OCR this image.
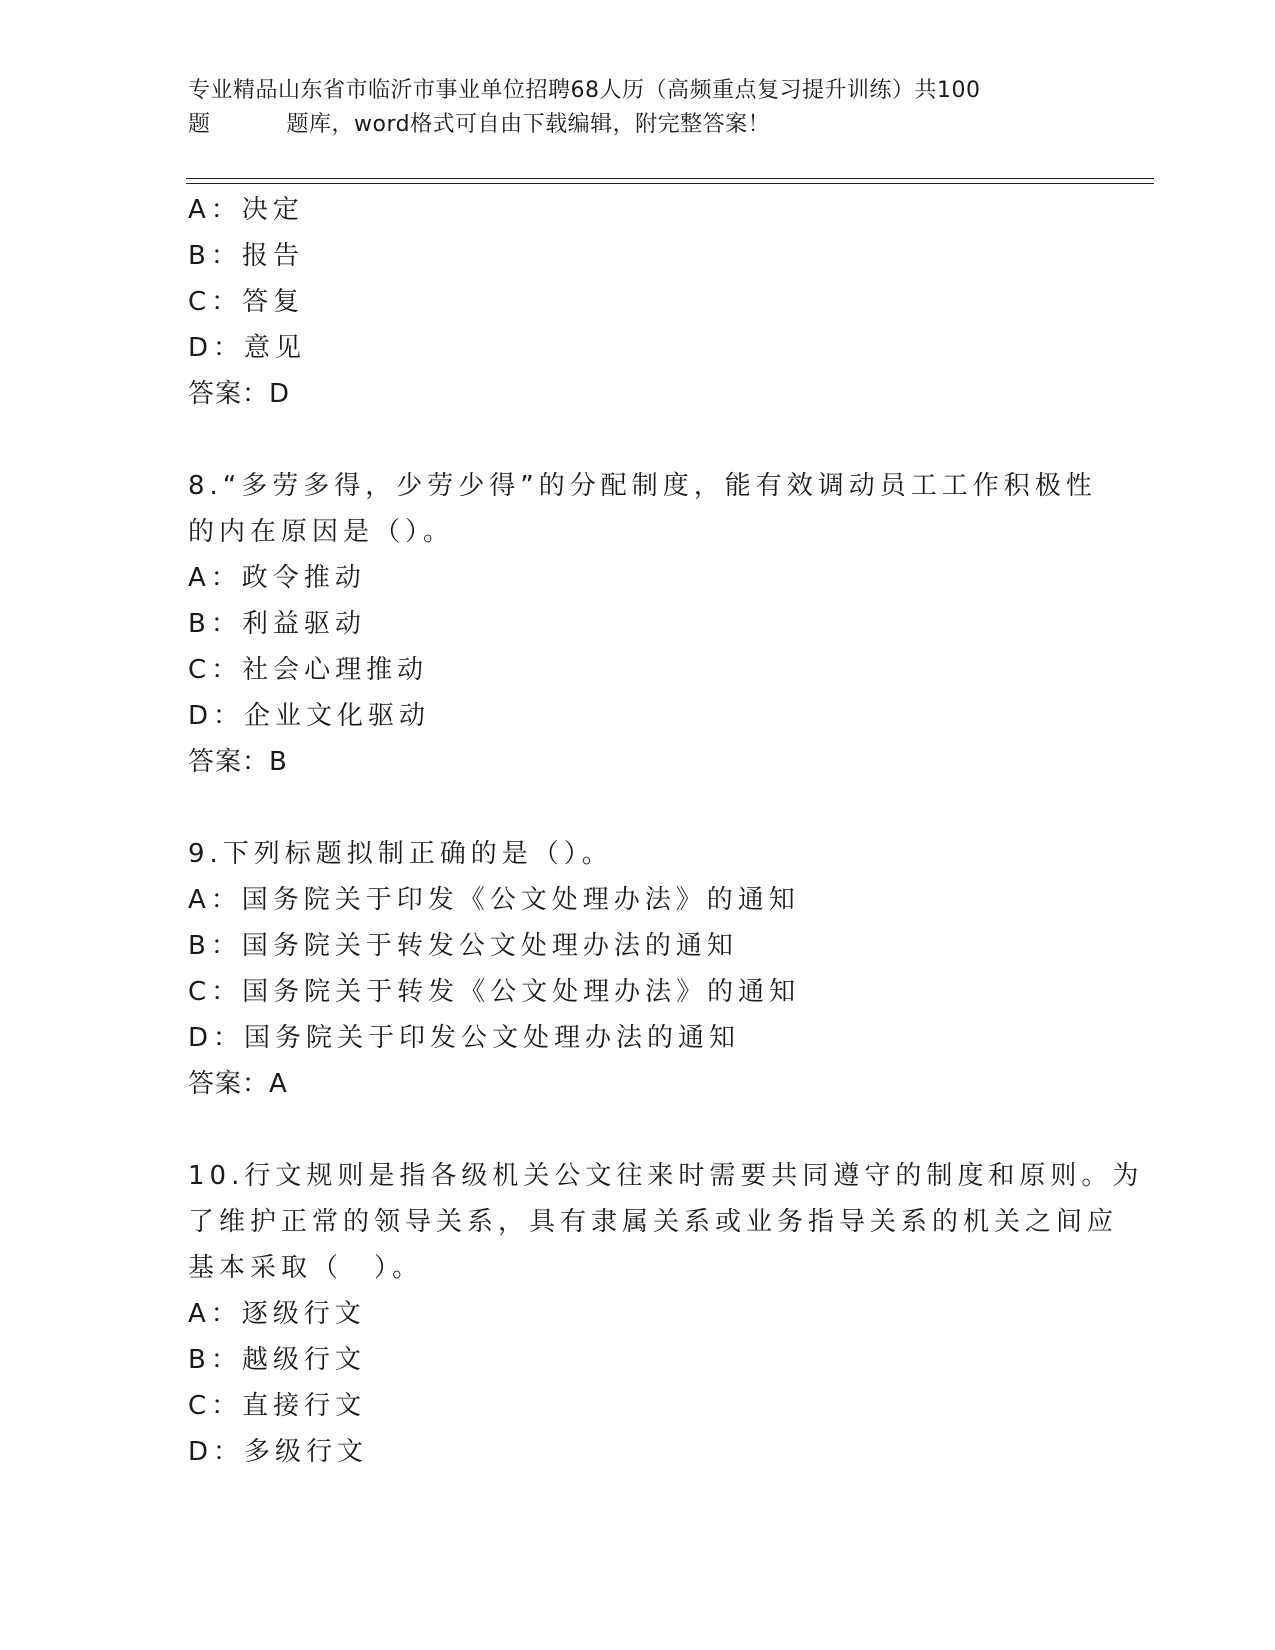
专业精品山东省市临沂市事业单位招聘68人历（高频重点复习提升训练）共100
题	题库，word格式可自由下载编辑，附完整答案！
A：决定
B：报告
C：答复
D：意见
答案：D
8.“多劳多得，少劳少得”的分配制度，能有效调动员工工作积极性
的内在原因是（）。
A：政令推动
B：利益驱动
C：社会心理推动
D：企业文化驱动
答案：B
9.下列标题拟制正确的是（）。
A：国务院关于印发《公文处理办法》的通知
B：国务院关于转发公文处理办法的通知
C：国务院关于转发《公文处理办法》的通知
D：国务院关于印发公文处理办法的通知
答案：A
10.行文规则是指各级机关公文往来时需要共同遵守的制度和原则。为
了维护正常的领导关系，具有隶属关系或业务指导关系的机关之间应
基本采取（　）。
A：逐级行文
B：越级行文
C：直接行文
D：多级行文
